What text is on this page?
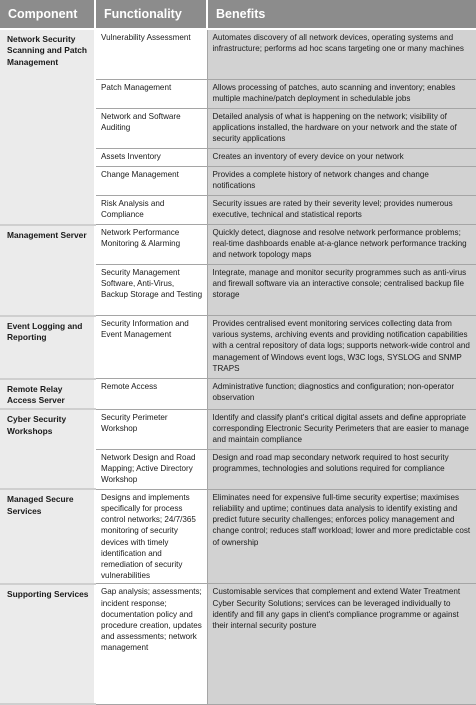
Component	Functionality	Benefits
Network Security Scanning and Patch Management	Vulnerability Assessment	Automates discovery of all network devices, operating systems and infrastructure; performs ad hoc scans targeting one or many machines
	Patch Management	Allows processing of patches, auto scanning and inventory; enables multiple machine/patch deployment in schedulable jobs
	Network and Software Auditing	Detailed analysis of what is happening on the network; visibility of applications installed, the hardware on your network and the state of security applications
	Assets Inventory	Creates an inventory of every device on your network
	Change Management	Provides a complete history of network changes and change notifications
	Risk Analysis and Compliance	Security issues are rated by their severity level; provides numerous executive, technical and statistical reports
Management Server	Network Performance Monitoring & Alarming	Quickly detect, diagnose and resolve network performance problems; real-time dashboards enable at-a-glance network performance tracking and network topology maps
	Security Management Software, Anti-Virus, Backup Storage and Testing	Integrate, manage and monitor security programmes such as anti-virus and firewall software via an interactive console; centralised backup file storage
Event Logging and Reporting	Security Information and Event Management	Provides centralised event monitoring services collecting data from various systems, archiving events and providing notification capabilities with a central repository of data logs; supports network-wide control and management of Windows event logs, W3C logs, SYSLOG and SNMP TRAPS
Remote Relay Access Server	Remote Access	Administrative function; diagnostics and configuration; non-operator observation
Cyber Security Workshops	Security Perimeter Workshop	Identify and classify plant's critical digital assets and define appropriate corresponding Electronic Security Perimeters that are easier to manage and maintain compliance
	Network Design and Road Mapping; Active Directory Workshop	Design and road map secondary network required to host security programmes, technologies and solutions required for compliance
Managed Secure Services	Designs and implements specifically for process control networks; 24/7/365 monitoring of security devices with timely identification and remediation of security vulnerabilities	Eliminates need for expensive full-time security expertise; maximises reliability and uptime; continues data analysis to identify existing and predict future security challenges; enforces policy management and change control; reduces staff workload; lower and more predictable cost of ownership
Supporting Services	Gap analysis; assessments; incident response; documentation policy and procedure creation, updates and assessments; network management	Customisable services that complement and extend Water Treatment Cyber Security Solutions; services can be leveraged individually to identify and fill any gaps in client's compliance programme or against their internal security posture
